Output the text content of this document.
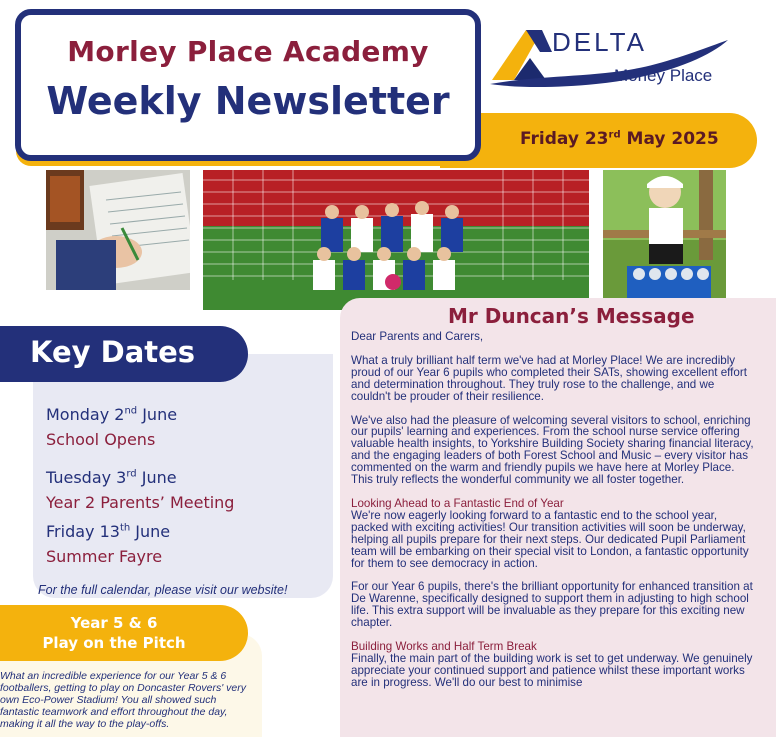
Friday 23rd May 2025
Morley Place Academy
Weekly Newsletter
DELTA
Morley Place
Key Dates
Monday 2nd June
School Opens
Tuesday 3rd June
Year 2 Parents’ Meeting
Friday 13th June
Summer Fayre
For the full calendar, please visit our website!
Year 5 & 6
Play on the Pitch
What an incredible experience for our Year 5 & 6 footballers, getting to play on Doncaster Rovers' very own Eco-Power Stadium! You all showed such fantastic teamwork and effort throughout the day, making it all the way to the play-offs.
Mr Duncan’s Message

Dear Parents and Carers,

What a truly brilliant half term we've had at Morley Place! We are incredibly proud of our Year 6 pupils who completed their SATs, showing excellent effort and determination throughout. They truly rose to the challenge, and we couldn't be prouder of their resilience.

We've also had the pleasure of welcoming several visitors to school, enriching our pupils' learning and experiences. From the school nurse service offering valuable health insights, to Yorkshire Building Society sharing financial literacy, and the engaging leaders of both Forest School and Music – every visitor has commented on the warm and friendly pupils we have here at Morley Place. This truly reflects the wonderful community we all foster together.

Looking Ahead to a Fantastic End of Year

We're now eagerly looking forward to a fantastic end to the school year, packed with exciting activities! Our transition activities will soon be underway, helping all pupils prepare for their next steps. Our dedicated Pupil Parliament team will be embarking on their special visit to London, a fantastic opportunity for them to see democracy in action.

For our Year 6 pupils, there's the brilliant opportunity for enhanced transition at De Warenne, specifically designed to support them in adjusting to high school life. This extra support will be invaluable as they prepare for this exciting new chapter.

Building Works and Half Term Break

Finally, the main part of the building work is set to get underway. We genuinely appreciate your continued support and patience whilst these important works are in progress. We'll do our best to minimise
